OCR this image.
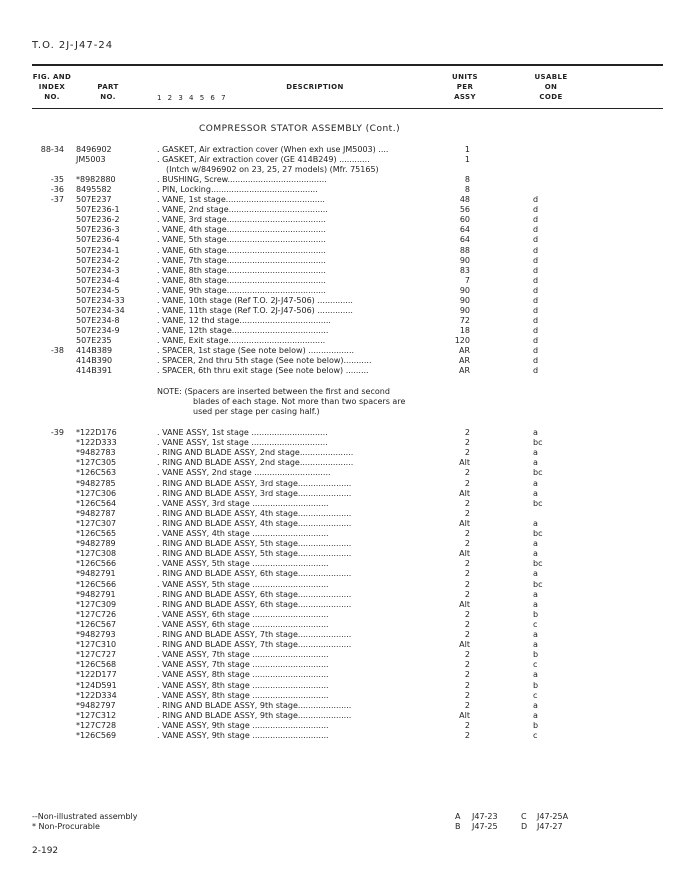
T.O. 2J-J47-24
FIG. AND
INDEX
NO.
PART
NO.	1 2 3 4 5 6 7
DESCRIPTION
UNITS
PER
ASSY
USABLE
ON
CODE
COMPRESSOR STATOR ASSEMBLY (Cont.)
88-34 8496902	. GASKET, Air extraction cover (When exh use JM5003) ....	1
JM5003	. GASKET, Air extraction cover (GE 414B249) ............	1
(Intch w/8496902 on 23, 25, 27 models) (Mfr. 75165)
-35 *8982880	. BUSHING, Screw.......................................	8
-36 8495582	. PIN, Locking..........................................	8
-37 507E237	. VANE, 1st stage.......................................	48	d
507E236-1	. VANE, 2nd stage.......................................	56	d
507E236-2	. VANE, 3rd stage.......................................	60	d
507E236-3	. VANE, 4th stage.......................................	64	d
507E236-4	. VANE, 5th stage.......................................	64	d
507E234-1	. VANE, 6th stage.......................................	88	d
507E234-2	. VANE, 7th stage.......................................	90	d
507E234-3	. VANE, 8th stage.......................................	83	d
507E234-4	. VANE, 8th stage.......................................	7	d
507E234-5	. VANE, 9th stage.......................................	90	d
507E234-33	. VANE, 10th stage (Ref T.O. 2J-J47-506) ..............	90	d
507E234-34	. VANE, 11th stage (Ref T.O. 2J-J47-506) ..............	90	d
507E234-8	. VANE, 12 thd stage....................................	72	d
507E234-9	. VANE, 12th stage......................................	18	d
507E235	. VANE, Exit stage......................................	120	d
-38 414B389	. SPACER, 1st stage (See note below) ..................	AR	d
414B390	. SPACER, 2nd thru 5th stage (See note below)...........	AR	d
414B391	. SPACER, 6th thru exit stage (See note below) .........	AR	d
NOTE: (Spacers are inserted between the first and second
blades of each stage. Not more than two spacers are
used per stage per casing half.)
-39 *122D176	. VANE ASSY, 1st stage ..............................	2	a
*122D333	. VANE ASSY, 1st stage ..............................	2	bc
*9482783	. RING AND BLADE ASSY, 2nd stage.....................	2	a
*127C305	. RING AND BLADE ASSY, 2nd stage.....................	Alt	a
*126C563	. VANE ASSY, 2nd stage ..............................	2	bc
*9482785	. RING AND BLADE ASSY, 3rd stage.....................	2	a
*127C306	. RING AND BLADE ASSY, 3rd stage.....................	Alt	a
*126C564	. VANE ASSY, 3rd stage ..............................	2	bc
*9482787	. RING AND BLADE ASSY, 4th stage.....................	2
*127C307	. RING AND BLADE ASSY, 4th stage.....................	Alt	a
*126C565	. VANE ASSY, 4th stage ..............................	2	bc
*9482789	. RING AND BLADE ASSY, 5th stage.....................	2	a
*127C308	. RING AND BLADE ASSY, 5th stage.....................	Alt	a
*126C566	. VANE ASSY, 5th stage ..............................	2	bc
*9482791	. RING AND BLADE ASSY, 6th stage.....................	2	a
*126C566	. VANE ASSY, 5th stage ..............................	2	bc
*9482791	. RING AND BLADE ASSY, 6th stage.....................	2	a
*127C309	. RING AND BLADE ASSY, 6th stage.....................	Alt	a
*127C726	. VANE ASSY, 6th stage ..............................	2	b
*126C567	. VANE ASSY, 6th stage ..............................	2	c
*9482793	. RING AND BLADE ASSY, 7th stage.....................	2	a
*127C310	. RING AND BLADE ASSY, 7th stage.....................	Alt	a
*127C727	. VANE ASSY, 7th stage ..............................	2	b
*126C568	. VANE ASSY, 7th stage ..............................	2	c
*122D177	. VANE ASSY, 8th stage ..............................	2	a
*124D591	. VANE ASSY, 8th stage ..............................	2	b
*122D334	. VANE ASSY, 8th stage ..............................	2	c
*9482797	. RING AND BLADE ASSY, 9th stage.....................	2	a
*127C312	. RING AND BLADE ASSY, 9th stage.....................	Alt	a
*127C728	. VANE ASSY, 9th stage ..............................	2	b
*126C569	. VANE ASSY, 9th stage ..............................	2	c
--Non-illustrated assembly
* Non-Procurable
A J47-23	C J47-25A
B J47-25	D J47-27
2-192
